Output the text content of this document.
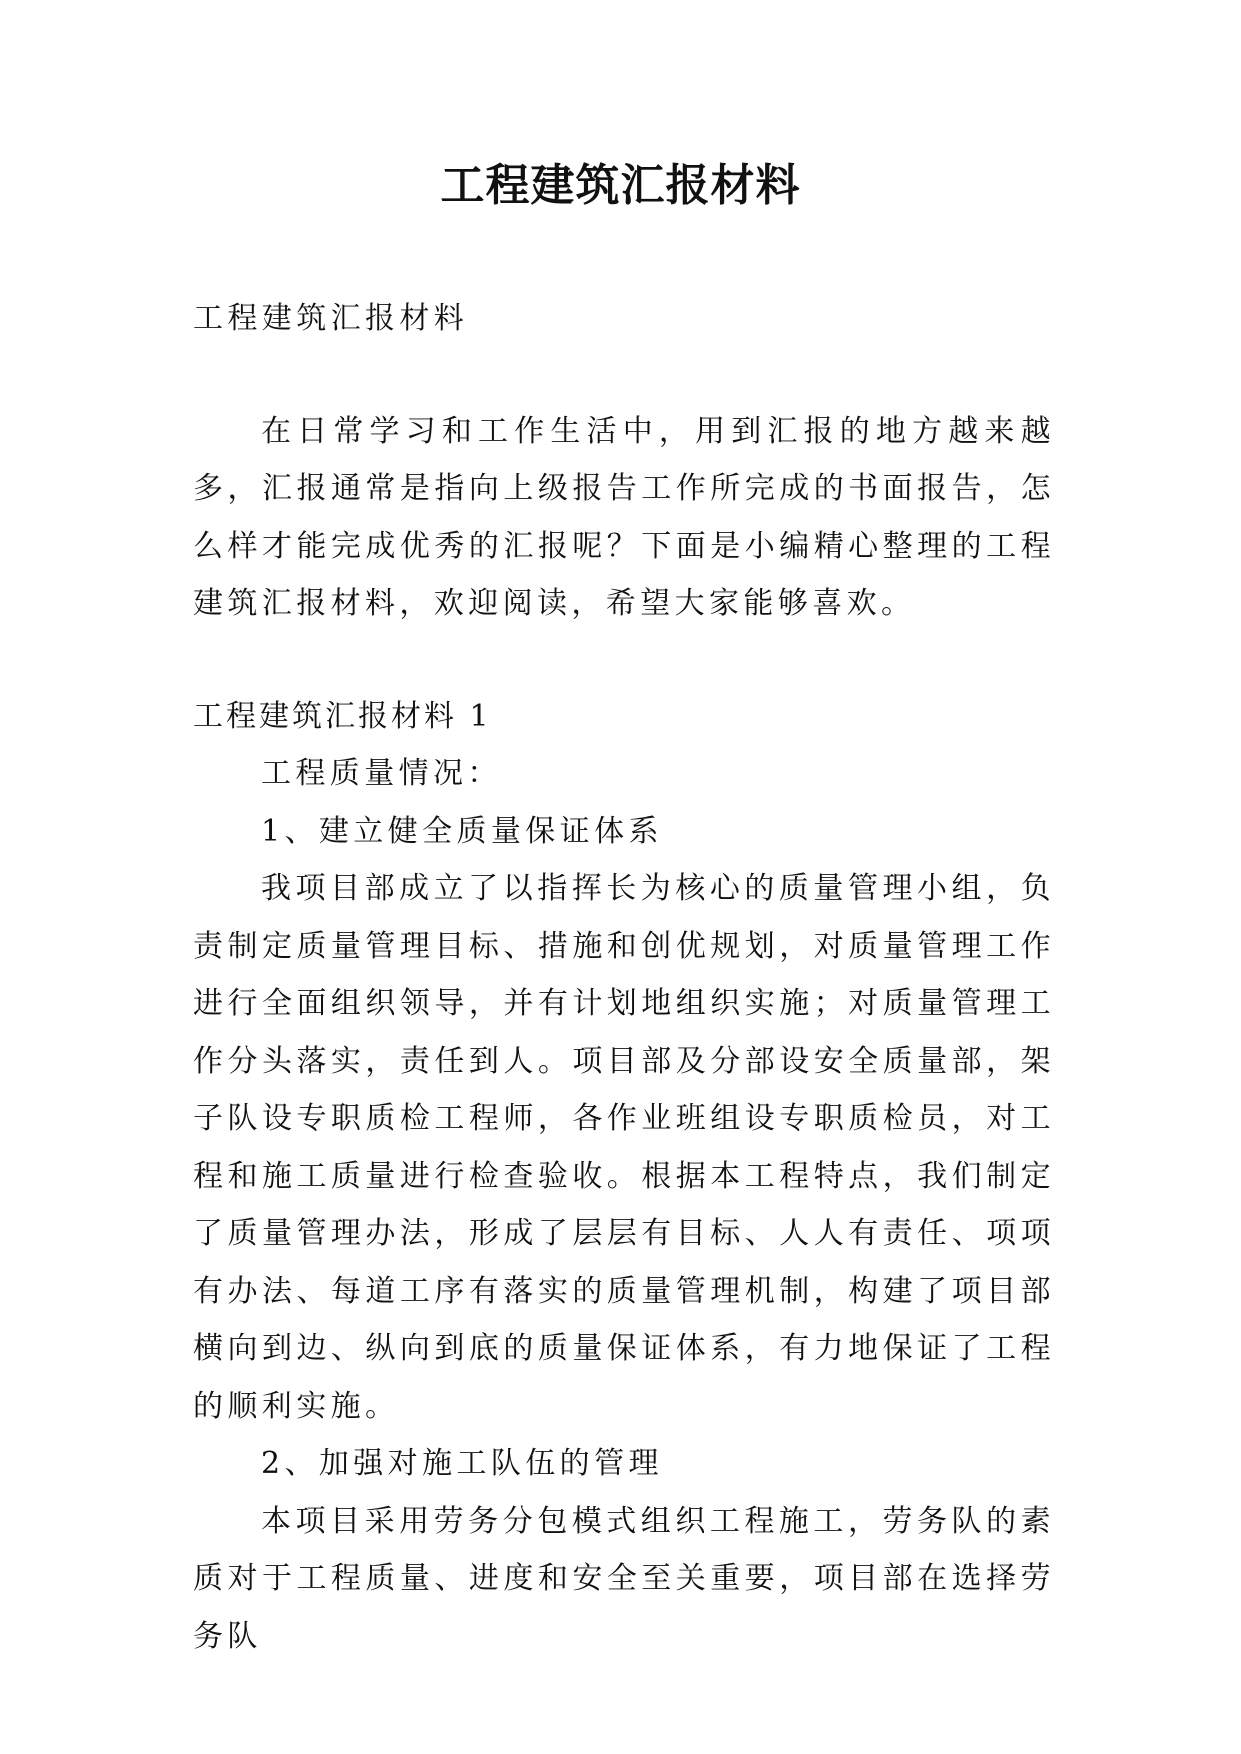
工程建筑汇报材料

工程建筑汇报材料

在日常学习和工作生活中，用到汇报的地方越来越多，汇报通常是指向上级报告工作所完成的书面报告，怎么样才能完成优秀的汇报呢？下面是小编精心整理的工程建筑汇报材料，欢迎阅读，希望大家能够喜欢。

工程建筑汇报材料 1

工程质量情况：

1、建立健全质量保证体系

我项目部成立了以指挥长为核心的质量管理小组，负责制定质量管理目标、措施和创优规划，对质量管理工作进行全面组织领导，并有计划地组织实施；对质量管理工作分头落实，责任到人。项目部及分部设安全质量部，架子队设专职质检工程师，各作业班组设专职质检员，对工程和施工质量进行检查验收。根据本工程特点，我们制定了质量管理办法，形成了层层有目标、人人有责任、项项有办法、每道工序有落实的质量管理机制，构建了项目部横向到边、纵向到底的质量保证体系，有力地保证了工程的顺利实施。

2、加强对施工队伍的管理

本项目采用劳务分包模式组织工程施工，劳务队的素质对于工程质量、进度和安全至关重要，项目部在选择劳务队
